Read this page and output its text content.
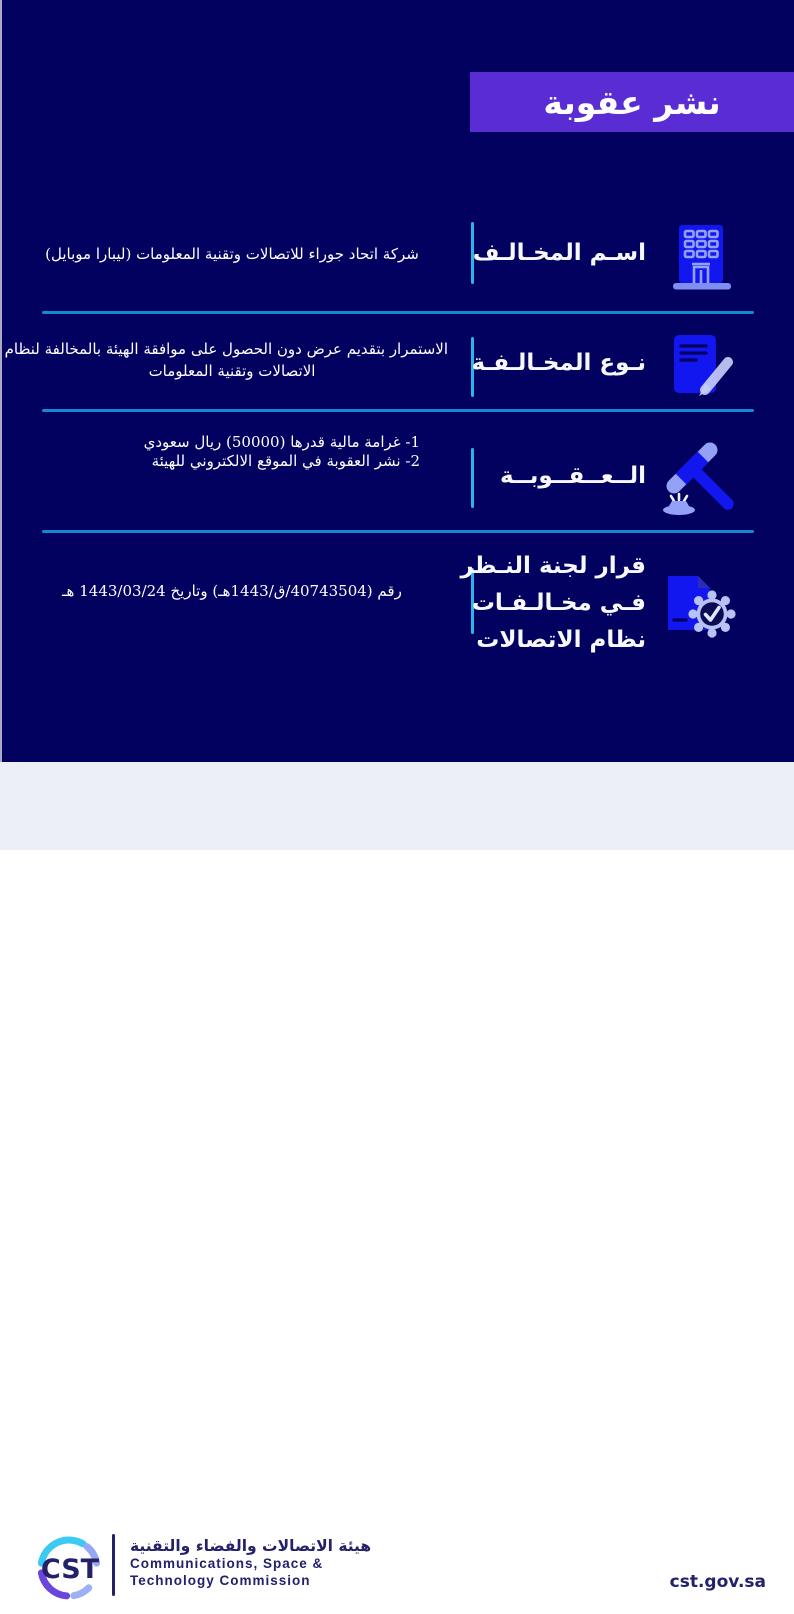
نشر عقوبة
اسـم المخـالـف
شركة اتحاد جوراء للاتصالات وتقنية المعلومات (ليبارا موبايل)
نـوع المخـالـفـة
الاستمرار بتقديم عرض دون الحصول على موافقة الهيئة بالمخالفة لنظام
الاتصالات وتقنية المعلومات
الــعــقــوبــة
1- غرامة مالية قدرها (50000) ريال سعودي
2- نشر العقوبة في الموقع الالكتروني للهيئة
قرار لجنة النـظر
فـي مخـالـفـات
نظام الاتصالات
رقم (40743504/ق/1443هـ) وتاريخ 1443/03/24 هـ
CST
هيئة الاتصالات والفضاء والتقنية
Communications, Space &
Technology Commission	cst.gov.sa
